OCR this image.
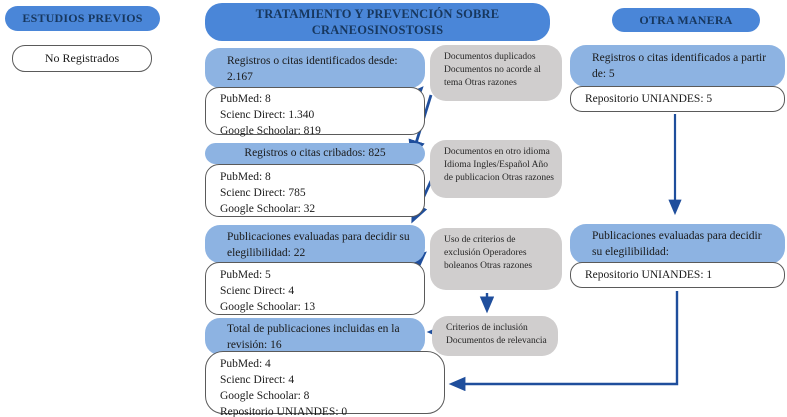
ESTUDIOS PREVIOS	TRATAMIENTO Y PREVENCIÓN SOBRE CRANEOSINOSTOSIS
OTRA MANERA
No Registrados	Registros o citas identificados desde: 2.167
PubMed: 8
Scienc Direct: 1.340
Google Schoolar: 819
Registros o citas cribados: 825
PubMed: 8
Scienc Direct: 785
Google Schoolar: 32
Publicaciones evaluadas para decidir su elegilibilidad: 22
PubMed: 5
Scienc Direct: 4
Google Schoolar: 13
Total de publicaciones incluidas en la revisión: 16
PubMed: 4
Scienc Direct: 4
Google Schoolar: 8
Repositorio UNIANDES: 0
Documentos duplicados Documentos no acorde al tema Otras razones
Documentos en otro idioma Idioma Ingles/Español Año de publicacion Otras razones
Uso de criterios de exclusión Operadores boleanos Otras razones
Criterios de inclusión Documentos de relevancia
Registros o citas identificados a partir de: 5
Repositorio UNIANDES: 5
Publicaciones evaluadas para decidir su elegilibilidad:
Repositorio UNIANDES: 1
